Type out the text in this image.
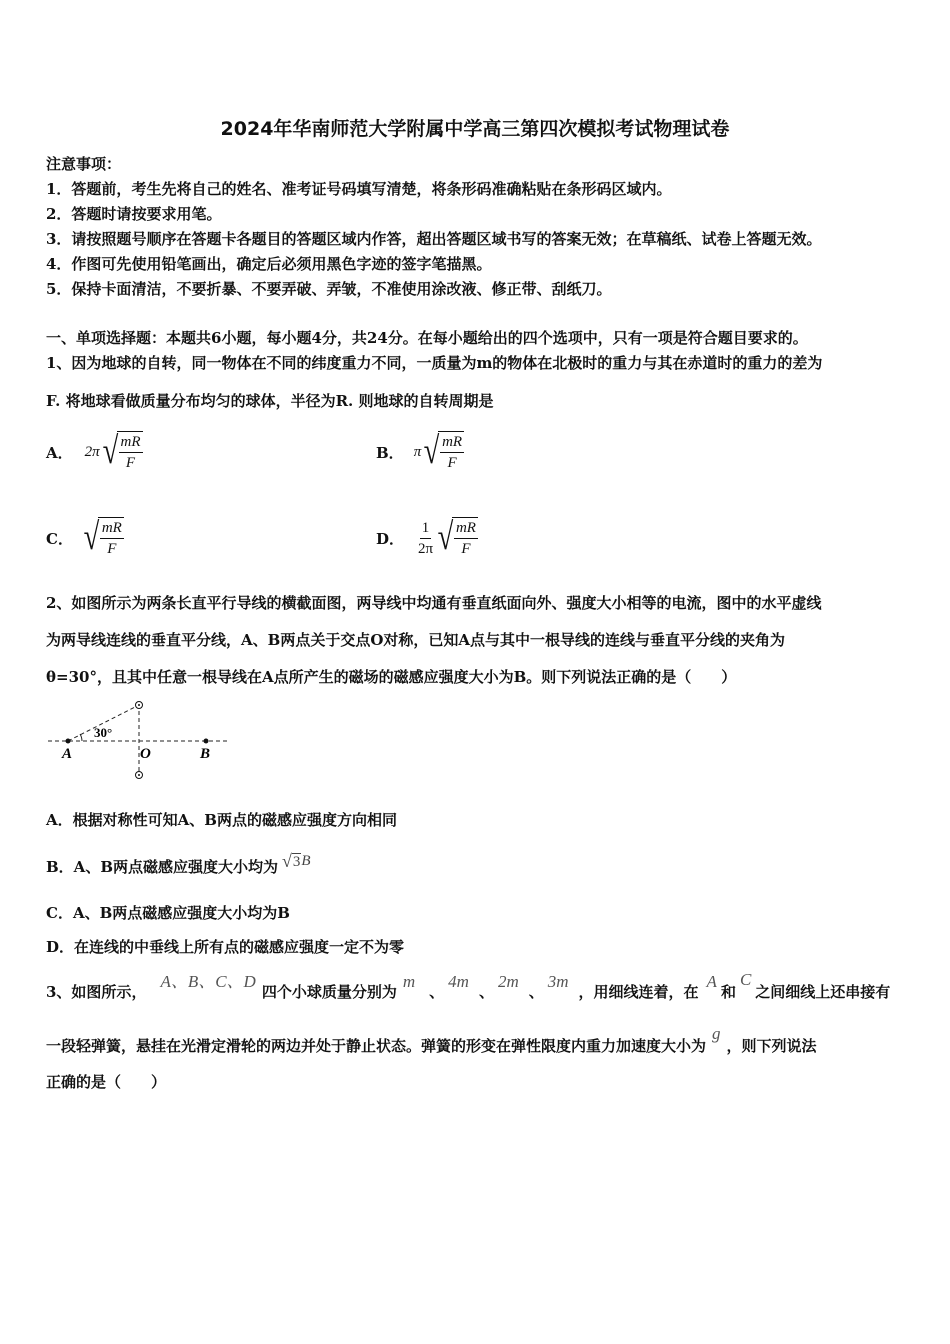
2024年华南师范大学附属中学高三第四次模拟考试物理试卷
注意事项：
1．答题前，考生先将自己的姓名、准考证号码填写清楚，将条形码准确粘贴在条形码区域内。
2．答题时请按要求用笔。
3．请按照题号顺序在答题卡各题目的答题区域内作答，超出答题区域书写的答案无效；在草稿纸、试卷上答题无效。
4．作图可先使用铅笔画出，确定后必须用黑色字迹的签字笔描黑。
5．保持卡面清洁，不要折暴、不要弄破、弄皱，不准使用涂改液、修正带、刮纸刀。
一、单项选择题：本题共6小题，每小题4分，共24分。在每小题给出的四个选项中，只有一项是符合题目要求的。
1、因为地球的自转，同一物体在不同的纬度重力不同，一质量为m的物体在北极时的重力与其在赤道时的重力的差为
F. 将地球看做质量分布均匀的球体，半径为R. 则地球的自转周期是
A． 2π √ $\frac{mR}{F}$	B． π √ $\frac{mR}{F}$
C． √ $\frac{mR}{F}$	D． $\frac{1}{2\pi}$ √ $\frac{mR}{F}$
2、如图所示为两条长直平行导线的横截面图，两导线中均通有垂直纸面向外、强度大小相等的电流，图中的水平虚线
为两导线连线的垂直平分线，A、B两点关于交点O对称，已知A点与其中一根导线的连线与垂直平分线的夹角为
θ=30°，且其中任意一根导线在A点所产生的磁场的磁感应强度大小为B。则下列说法正确的是（　　）
30°
A	O	B
A．根据对称性可知A、B两点的磁感应强度方向相同
B．A、B两点磁感应强度大小均为 √ 3 B
C．A、B两点磁感应强度大小均为B
D．在连线的中垂线上所有点的磁感应强度一定不为零
3、如图所示，
A、B、C、D
四个小球质量分别为
m
、
4m
、
2m
、
3m
，用细线连着，在
A
和
C
之间细线上还串接有
一段轻弹簧，悬挂在光滑定滑轮的两边并处于静止状态。弹簧的形变在弹性限度内重力加速度大小为
g
，则下列说法
正确的是（　　）
